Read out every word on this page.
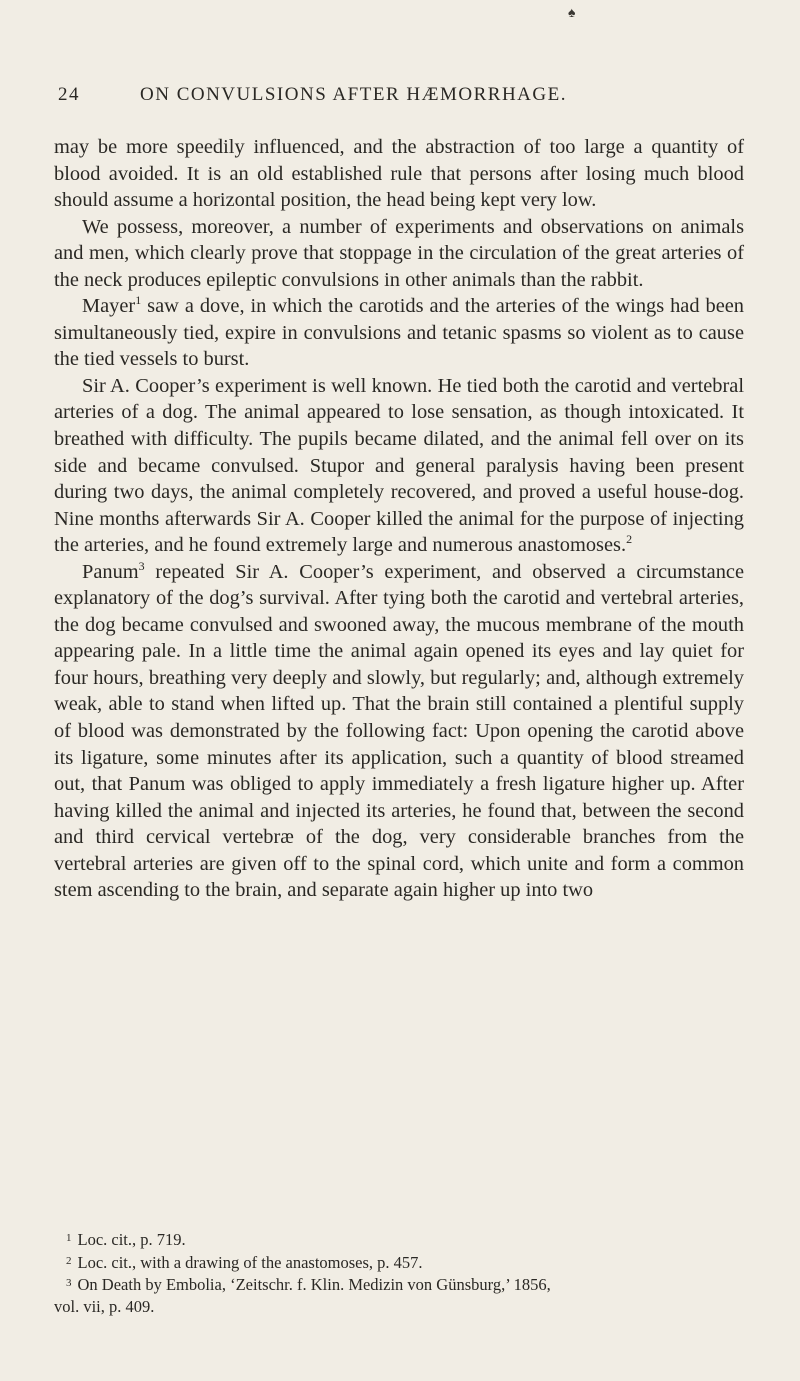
♠
24	ON CONVULSIONS AFTER HÆMORRHAGE.

may be more speedily influenced, and the abstraction of too large a quantity of blood avoided. It is an old established rule that persons after losing much blood should assume a horizontal position, the head being kept very low.

We possess, moreover, a number of experiments and observations on animals and men, which clearly prove that stoppage in the circulation of the great arteries of the neck produces epileptic convulsions in other animals than the rabbit.

Mayer$^1$ saw a dove, in which the carotids and the arteries of the wings had been simultaneously tied, expire in convulsions and tetanic spasms so violent as to cause the tied vessels to burst.

Sir A. Cooper’s experiment is well known. He tied both the carotid and vertebral arteries of a dog. The animal appeared to lose sensation, as though intoxicated. It breathed with difficulty. The pupils became dilated, and the animal fell over on its side and became convulsed. Stupor and general paralysis having been present during two days, the animal completely recovered, and proved a useful house-dog. Nine months afterwards Sir A. Cooper killed the animal for the purpose of injecting the arteries, and he found extremely large and numerous anastomoses.$^2$

Panum$^3$ repeated Sir A. Cooper’s experiment, and observed a circumstance explanatory of the dog’s survival. After tying both the carotid and vertebral arteries, the dog became convulsed and swooned away, the mucous membrane of the mouth appearing pale. In a little time the animal again opened its eyes and lay quiet for four hours, breathing very deeply and slowly, but regularly; and, although extremely weak, able to stand when lifted up. That the brain still contained a plentiful supply of blood was demonstrated by the following fact: Upon opening the carotid above its ligature, some minutes after its application, such a quantity of blood streamed out, that Panum was obliged to apply immediately a fresh ligature higher up. After having killed the animal and injected its arteries, he found that, between the second and third cervical vertebræ of the dog, very considerable branches from the vertebral arteries are given off to the spinal cord, which unite and form a common stem ascending to the brain, and separate again higher up into two

$^1$ Loc. cit., p. 719.

$^2$ Loc. cit., with a drawing of the anastomoses, p. 457.

$^3$ On Death by Embolia, ‘Zeitschr. f. Klin. Medizin von Günsburg,’ 1856,

vol. vii, p. 409.
